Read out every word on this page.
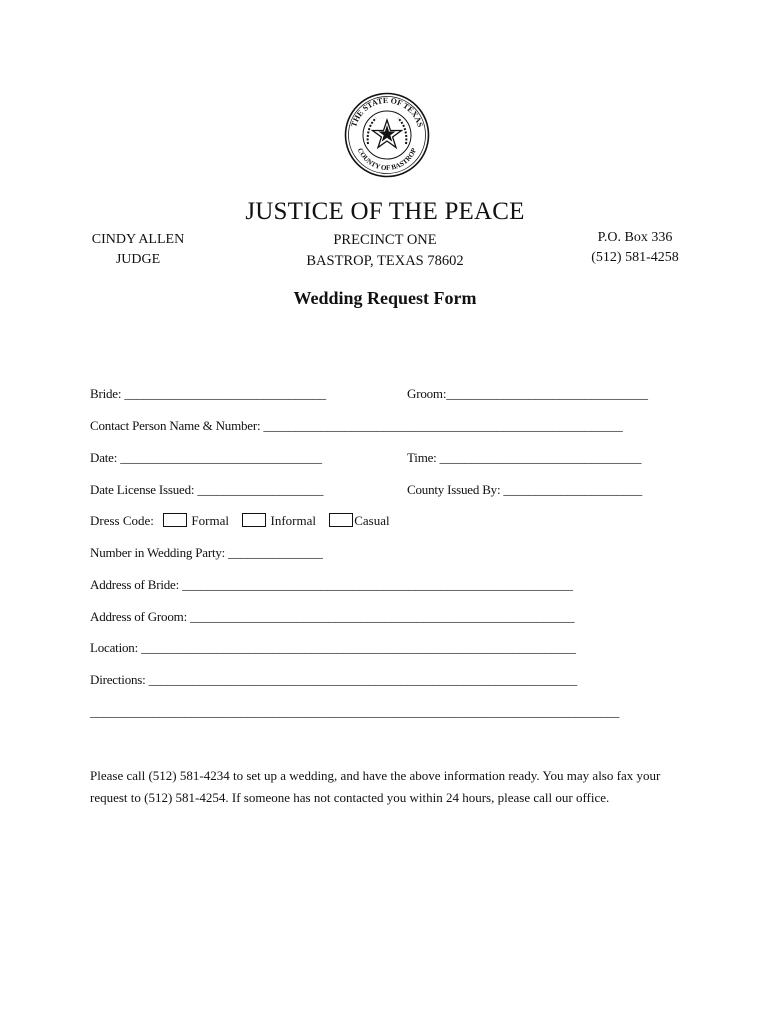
THE STATE OF TEXAS
COUNTY OF BASTROP
JUSTICE OF THE PEACE
CINDY ALLEN
JUDGE
PRECINCT ONE
BASTROP, TEXAS 78602
P.O. Box 336
(512) 581-4258
Wedding Request Form
Bride: ________________________________	Groom:________________________________
Contact Person Name & Number: _________________________________________________________
Date: ________________________________	Time: ________________________________
Date License Issued: ____________________	County Issued By: ______________________
Dress Code:	Formal	Informal	Casual
Number in Wedding Party: _______________
Address of Bride: ______________________________________________________________
Address of Groom: _____________________________________________________________
Location: _____________________________________________________________________
Directions: ____________________________________________________________________
____________________________________________________________________________________
Please call (512) 581-4234 to set up a wedding, and have the above information ready. You may also fax your request to (512) 581-4254. If someone has not contacted you within 24 hours, please call our office.
